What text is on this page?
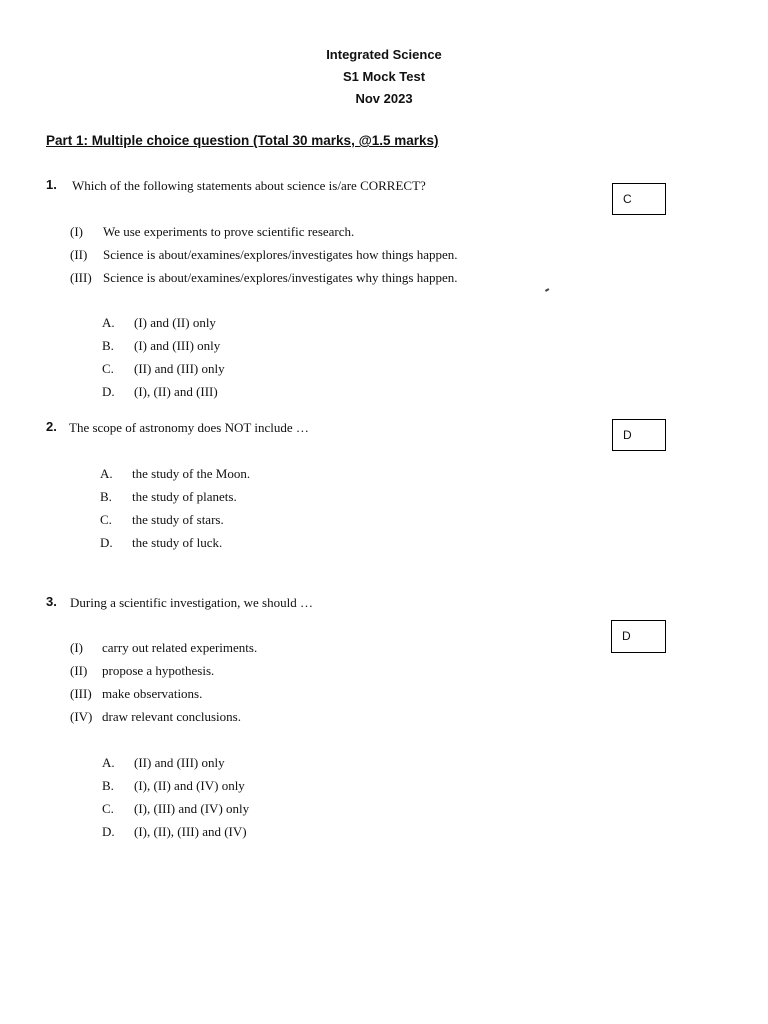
Integrated Science
S1 Mock Test
Nov 2023
Part 1: Multiple choice question (Total 30 marks, @1.5 marks)
1. Which of the following statements about science is/are CORRECT?
C
(I) We use experiments to prove scientific research.
(II) Science is about/examines/explores/investigates how things happen.
(III) Science is about/examines/explores/investigates why things happen.
A. (I) and (II) only
B. (I) and (III) only
C. (II) and (III) only
D. (I), (II) and (III)
2. The scope of astronomy does NOT include …	D
A. the study of the Moon.
B. the study of planets.
C. the study of stars.
D. the study of luck.
3. During a scientific investigation, we should …
D
(I) carry out related experiments.
(II) propose a hypothesis.
(III) make observations.
(IV) draw relevant conclusions.
A. (II) and (III) only
B. (I), (II) and (IV) only
C. (I), (III) and (IV) only
D. (I), (II), (III) and (IV)
